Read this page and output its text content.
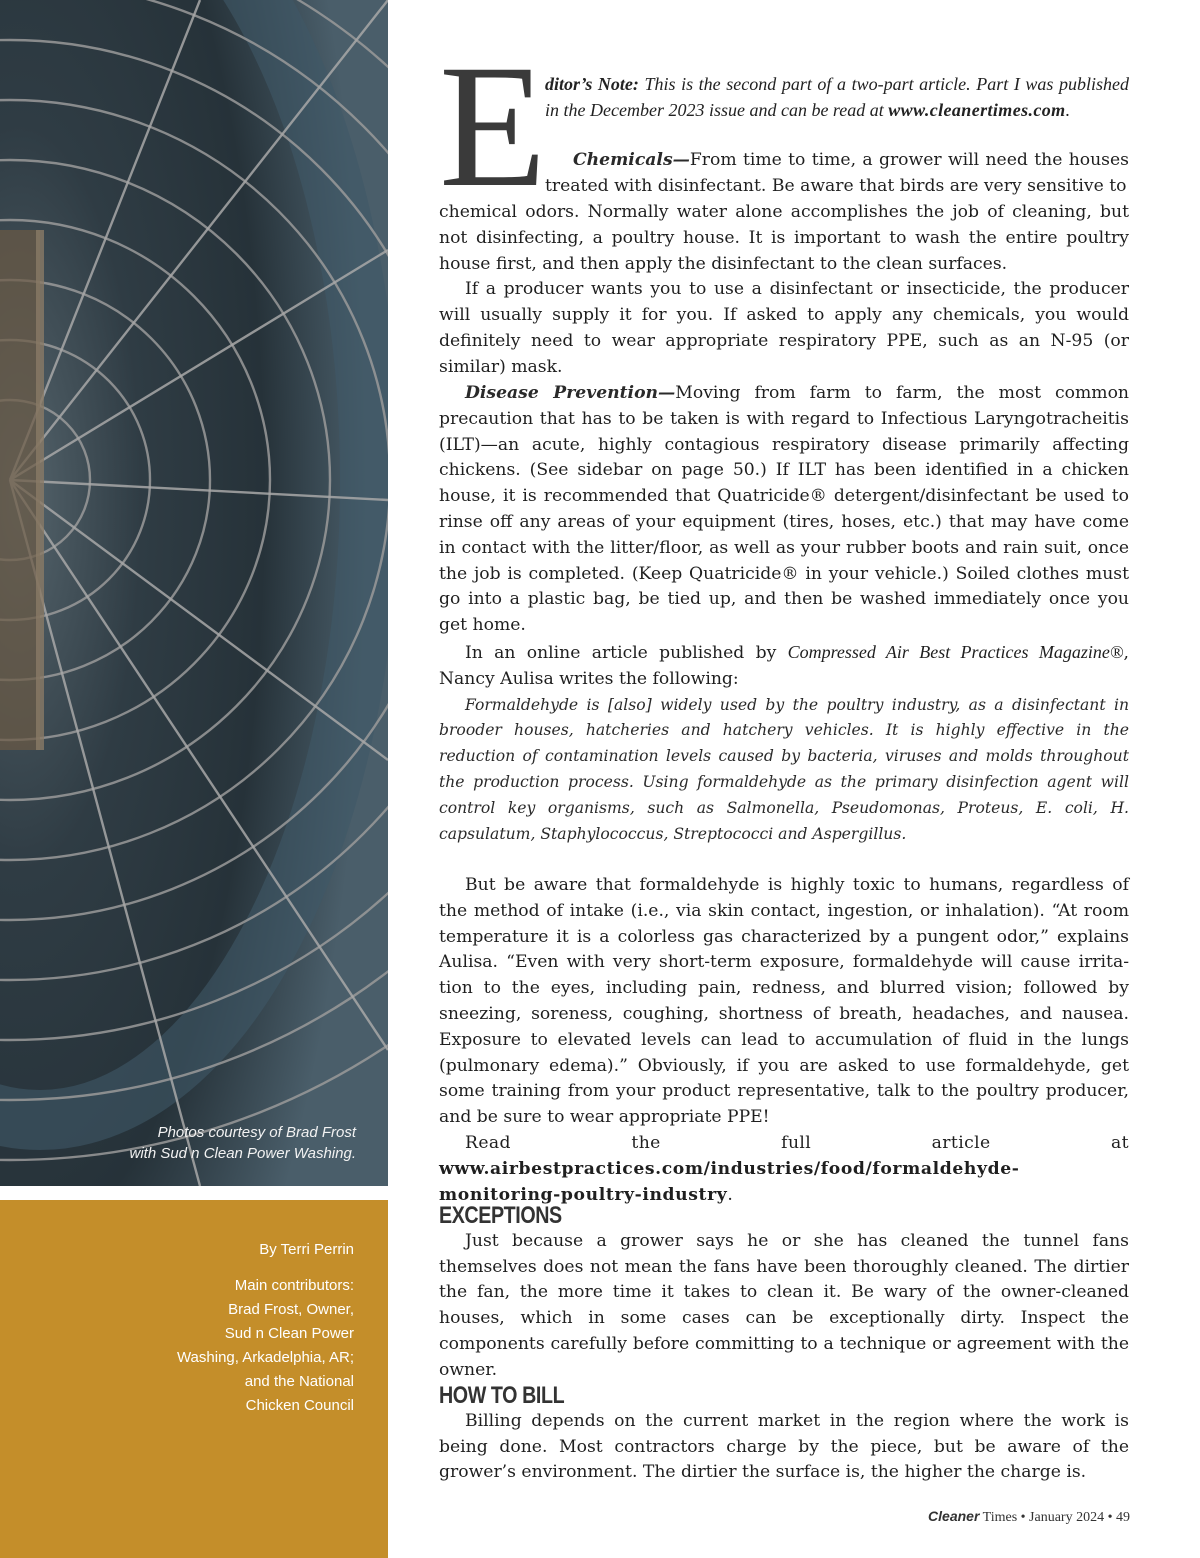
Photos courtesy of Brad Frost
with Sud n Clean Power Washing.
By Terri Perrin
Main contributors:
Brad Frost, Owner,
Sud n Clean Power
Washing, Arkadelphia, AR;
and the National
Chicken Council
E

ditor’s Note: This is the second part of a two-part article. Part I was published in the December 2023 issue and can be read at www.cleanertimes.com.

Chemicals—From time to time, a grower will need the houses treated with disinfectant. Be aware that birds are very sensitive to

chemical odors. Normally water alone accomplishes the job of cleaning, but not disinfecting, a poultry house. It is important to wash the entire poultry house first, and then apply the disinfectant to the clean surfaces.

If a producer wants you to use a disinfectant or insecticide, the producer will usually supply it for you. If asked to apply any chemicals, you would definitely need to wear appropriate respiratory PPE, such as an N-95 (or similar) mask.

Disease Prevention—Moving from farm to farm, the most common precaution that has to be taken is with regard to Infectious Laryngotracheitis (ILT)—an acute, highly contagious respiratory disease primarily affecting chickens. (See sidebar on page 50.) If ILT has been identified in a chicken house, it is recommended that Quatricide® detergent/disinfectant be used to rinse off any areas of your equipment (tires, hoses, etc.) that may have come in contact with the litter/floor, as well as your rubber boots and rain suit, once the job is completed. (Keep Quatricide® in your vehicle.) Soiled clothes must go into a plastic bag, be tied up, and then be washed immediately once you get home.

In an online article published by Compressed Air Best Practices Magazine®, Nancy Aulisa writes the following:

Formaldehyde is [also] widely used by the poultry industry, as a disinfectant in brooder houses, hatcheries and hatchery vehicles. It is highly effective in the reduction of contamination levels caused by bacteria, viruses and molds throughout the production process. Using formaldehyde as the primary disinfection agent will control key organisms, such as Salmonella, Pseudomonas, Proteus, E. coli, H. capsulatum, Staphylococcus, Streptococci and Aspergillus.

But be aware that formaldehyde is highly toxic to humans, regardless of the method of intake (i.e., via skin contact, ingestion, or inhalation). “At room temperature it is a colorless gas characterized by a pungent odor,” explains Aulisa. “Even with very short-term exposure, formaldehyde will cause irritation to the eyes, including pain, redness, and blurred vision; followed by sneezing, soreness, coughing, shortness of breath, headaches, and nausea. Exposure to elevated levels can lead to accumulation of fluid in the lungs (pulmonary edema).” Obviously, if you are asked to use formaldehyde, get some training from your product representative, talk to the poultry producer, and be sure to wear appropriate PPE!

Read the full article at www.airbestpractices.com/industries/food/formaldehyde-monitoring-poultry-industry.

EXCEPTIONS

Just because a grower says he or she has cleaned the tunnel fans themselves does not mean the fans have been thoroughly cleaned. The dirtier the fan, the more time it takes to clean it. Be wary of the owner-cleaned houses, which in some cases can be exceptionally dirty. Inspect the components carefully before committing to a technique or agreement with the owner.

HOW TO BILL

Billing depends on the current market in the region where the work is being done. Most contractors charge by the piece, but be aware of the grower’s environment. The dirtier the surface is, the higher the charge is.

Cleaner Times • January 2024 • 49
